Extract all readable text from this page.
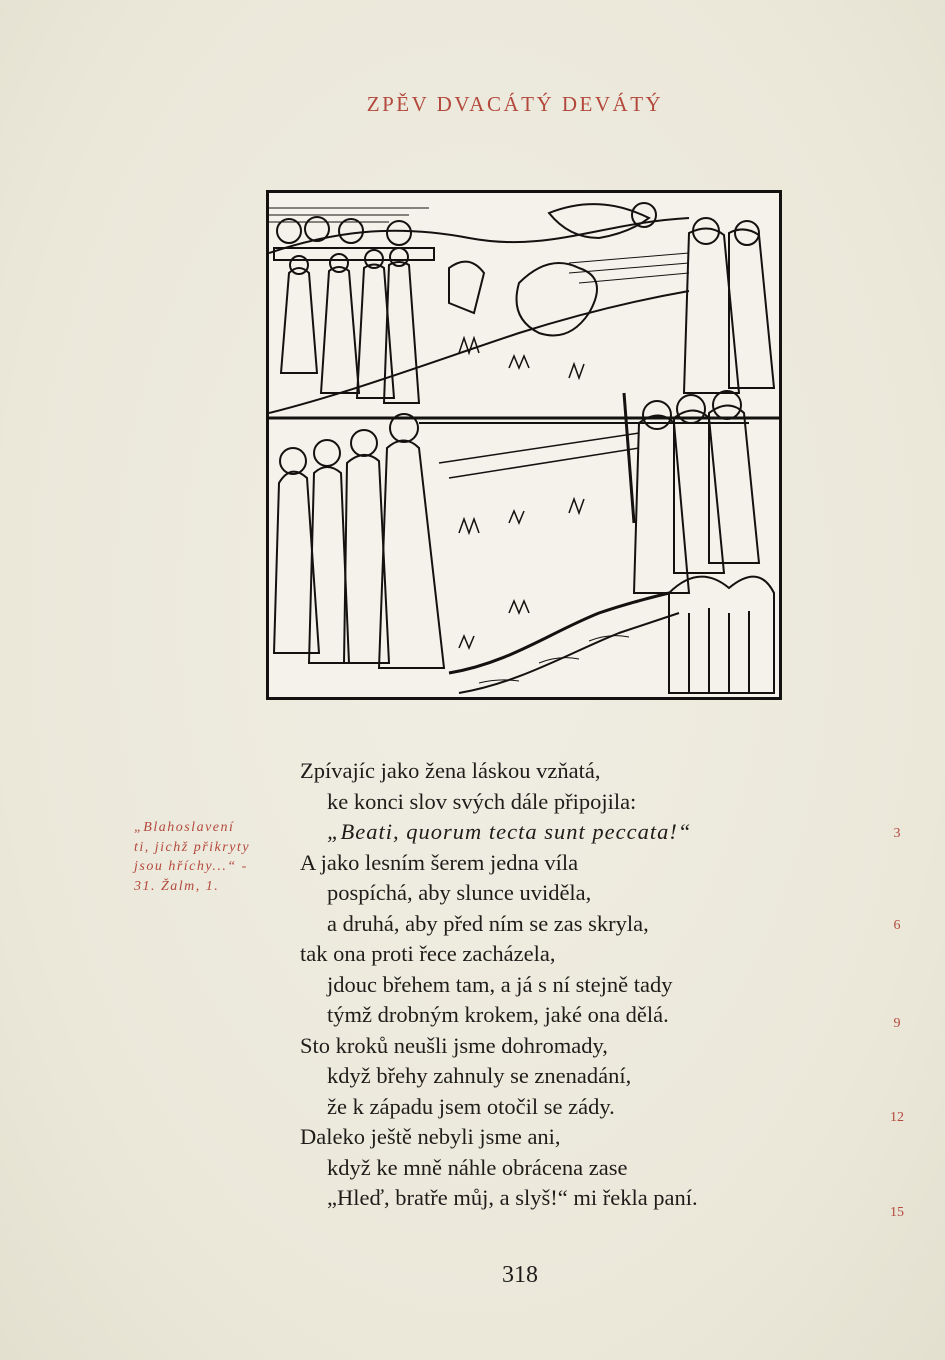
ZPĚV DVACÁTÝ DEVÁTÝ
Zpívajíc jako žena láskou vzňatá,
ke konci slov svých dále připojila:
„Beati, quorum tecta sunt peccata!“
A jako lesním šerem jedna víla
pospíchá, aby slunce uviděla,
a druhá, aby před ním se zas skryla,
tak ona proti řece zacházela,
jdouc břehem tam, a já s ní stejně tady
týmž drobným krokem, jaké ona dělá.
Sto kroků neušli jsme dohromady,
když břehy zahnuly se znenadání,
že k západu jsem otočil se zády.
Daleko ještě nebyli jsme ani,
když ke mně náhle obrácena zase
„Hleď, bratře můj, a slyš!“ mi řekla paní.
„Blahoslavení
ti, jichž přikryty
jsou hříchy...“ -
31. Žalm, 1.
3
6
9
12
15
318
